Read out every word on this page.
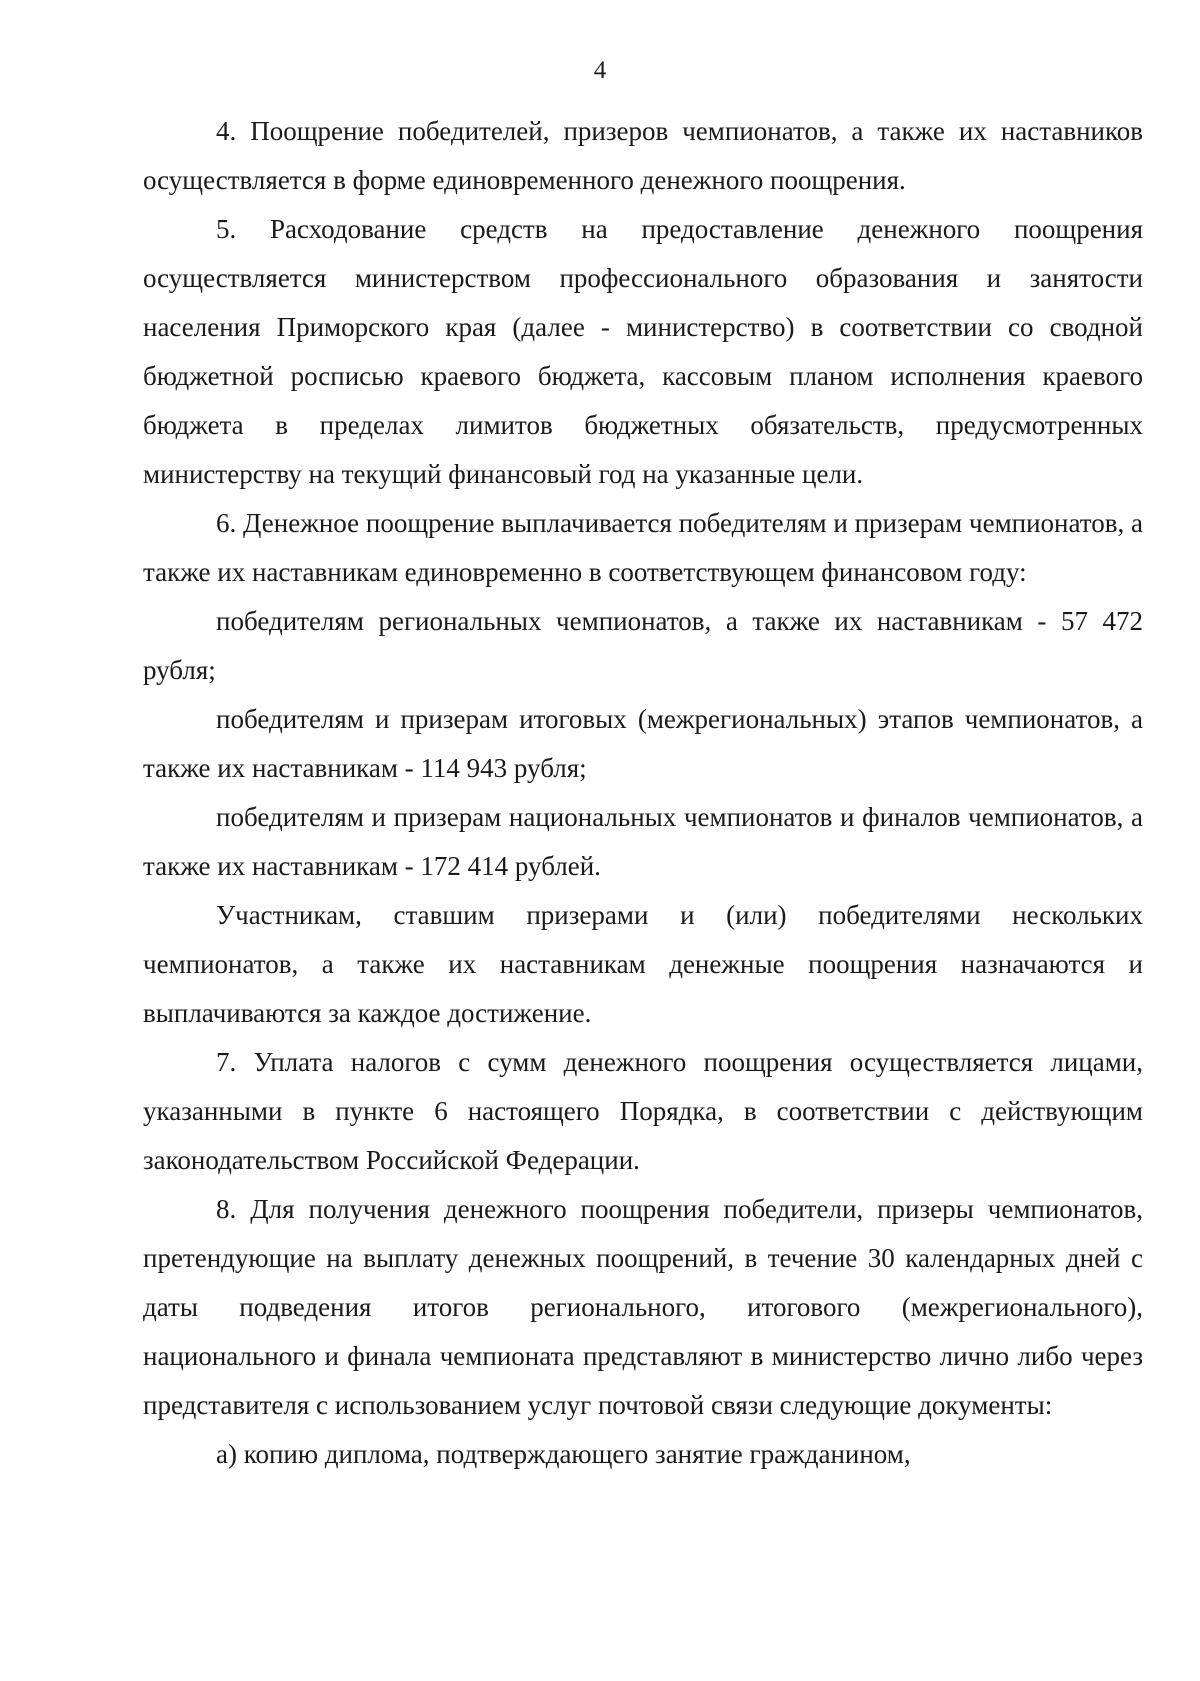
4

4. Поощрение победителей, призеров чемпионатов, а также их наставников осуществляется в форме единовременного денежного поощрения.

5. Расходование средств на предоставление денежного поощрения осуществляется министерством профессионального образования и занятости населения Приморского края (далее - министерство) в соответствии со сводной бюджетной росписью краевого бюджета, кассовым планом исполнения краевого бюджета в пределах лимитов бюджетных обязательств, предусмотренных министерству на текущий финансовый год на указанные цели.

6. Денежное поощрение выплачивается победителям и призерам чемпионатов, а также их наставникам единовременно в соответствующем финансовом году:

победителям региональных чемпионатов, а также их наставникам - 57 472 рубля;

победителям и призерам итоговых (межрегиональных) этапов чемпионатов, а также их наставникам - 114 943 рубля;

победителям и призерам национальных чемпионатов и финалов чемпионатов, а также их наставникам - 172 414 рублей.

Участникам, ставшим призерами и (или) победителями нескольких чемпионатов, а также их наставникам денежные поощрения назначаются и выплачиваются за каждое достижение.

7. Уплата налогов с сумм денежного поощрения осуществляется лицами, указанными в пункте 6 настоящего Порядка, в соответствии с действующим законодательством Российской Федерации.

8. Для получения денежного поощрения победители, призеры чемпионатов, претендующие на выплату денежных поощрений, в течение 30 календарных дней с даты подведения итогов регионального, итогового (межрегионального), национального и финала чемпионата представляют в министерство лично либо через представителя с использованием услуг почтовой связи следующие документы:

а) копию диплома, подтверждающего занятие гражданином,
